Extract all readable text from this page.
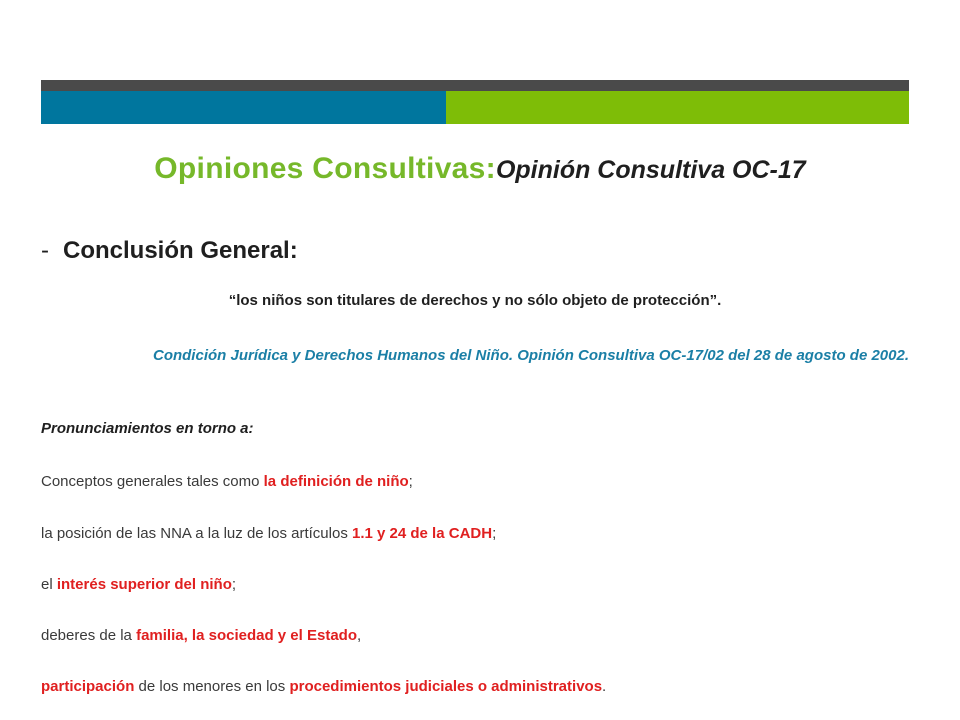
Opiniones Consultivas:Opinión Consultiva OC-17
- Conclusión General:
“los niños son titulares de derechos y no sólo objeto de protección”.
Condición Jurídica y Derechos Humanos del Niño. Opinión Consultiva OC-17/02 del 28 de agosto de 2002.
Pronunciamientos en torno a:
Conceptos generales tales como la definición de niño;
la posición de las NNA a la luz de los artículos 1.1 y 24 de la CADH;
el interés superior del niño;
deberes de la familia, la sociedad y el Estado,
participación de los menores en los procedimientos judiciales o administrativos.
